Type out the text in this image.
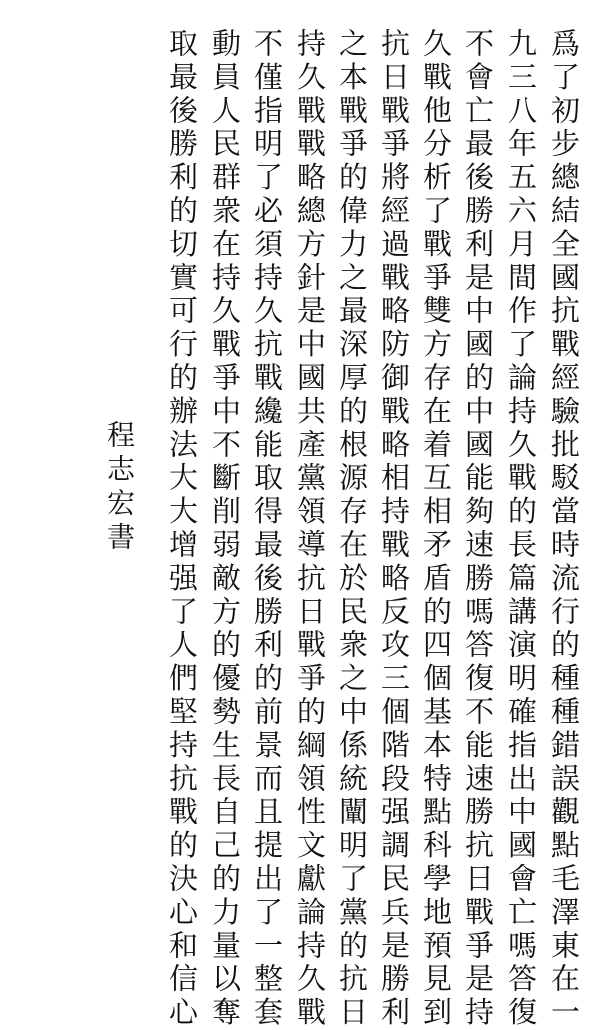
爲了初步總結全國抗戰經驗批駁當時流行的種種錯誤觀點毛澤東在一
九三八年五六月間作了論持久戰的長篇講演明確指出中國會亡嗎答復
不會亡最後勝利是中國的中國能夠速勝嗎答復不能速勝抗日戰爭是持
久戰他分析了戰爭雙方存在着互相矛盾的四個基本特點科學地預見到
抗日戰爭將經過戰略防御戰略相持戰略反攻三個階段强調民兵是勝利
之本戰爭的偉力之最深厚的根源存在於民衆之中係統闡明了黨的抗日
持久戰戰略總方針是中國共產黨領導抗日戰爭的綱領性文獻論持久戰
不僅指明了必須持久抗戰纔能取得最後勝利的前景而且提出了一整套
動員人民群衆在持久戰爭中不斷削弱敵方的優勢生長自己的力量以奪
取最後勝利的切實可行的辦法大大增强了人們堅持抗戰的決心和信心
程志宏書
